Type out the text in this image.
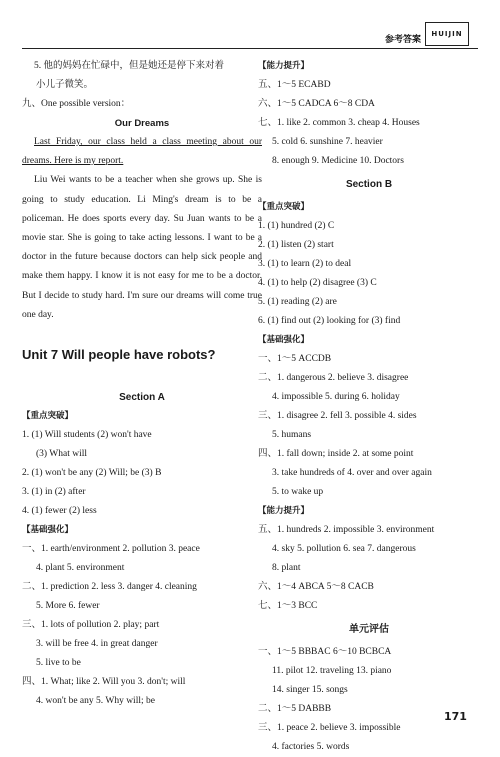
参考答案
HUIJIN
5. 他的妈妈在忙碌中，但是她还是停下来对着
小儿子微笑。
九、One possible version：
Our Dreams

Last Friday, our class held a class meeting about our dreams. Here is my report.

Liu Wei wants to be a teacher when she grows up. She is going to study education. Li Ming's dream is to be a policeman. He does sports every day. Su Juan wants to be a movie star. She is going to take acting lessons. I want to be a doctor in the future because doctors can help sick people and make them happy. I know it is not easy for me to be a doctor. But I decide to study hard. I'm sure our dreams will come true one day.

Unit 7 Will people have robots?
Section A
【重点突破】
1. (1) Will students (2) won't have
(3) What will
2. (1) won't be any (2) Will; be (3) B
3. (1) in (2) after
4. (1) fewer (2) less
【基础强化】
一、1. earth/environment 2. pollution 3. peace
4. plant 5. environment
二、1. prediction 2. less 3. danger 4. cleaning
5. More 6. fewer
三、1. lots of pollution 2. play; part
3. will be free 4. in great danger
5. live to be
四、1. What; like 2. Will you 3. don't; will
4. won't be any 5. Why will; be
【能力提升】
五、1～5 ECABD
六、1～5 CADCA 6～8 CDA
七、1. like 2. common 3. cheap 4. Houses
5. cold 6. sunshine 7. heavier
8. enough 9. Medicine 10. Doctors
Section B
【重点突破】
1. (1) hundred (2) C
2. (1) listen (2) start
3. (1) to learn (2) to deal
4. (1) to help (2) disagree (3) C
5. (1) reading (2) are
6. (1) find out (2) looking for (3) find
【基础强化】
一、1～5 ACCDB
二、1. dangerous 2. believe 3. disagree
4. impossible 5. during 6. holiday
三、1. disagree 2. fell 3. possible 4. sides
5. humans
四、1. fall down; inside 2. at some point
3. take hundreds of 4. over and over again
5. to wake up
【能力提升】
五、1. hundreds 2. impossible 3. environment
4. sky 5. pollution 6. sea 7. dangerous
8. plant
六、1～4 ABCA 5～8 CACB
七、1～3 BCC
单元评估
一、1～5 BBBAC 6～10 BCBCA
11. pilot 12. traveling 13. piano
14. singer 15. songs
二、1～5 DABBB
三、1. peace 2. believe 3. impossible
4. factories 5. words
171
